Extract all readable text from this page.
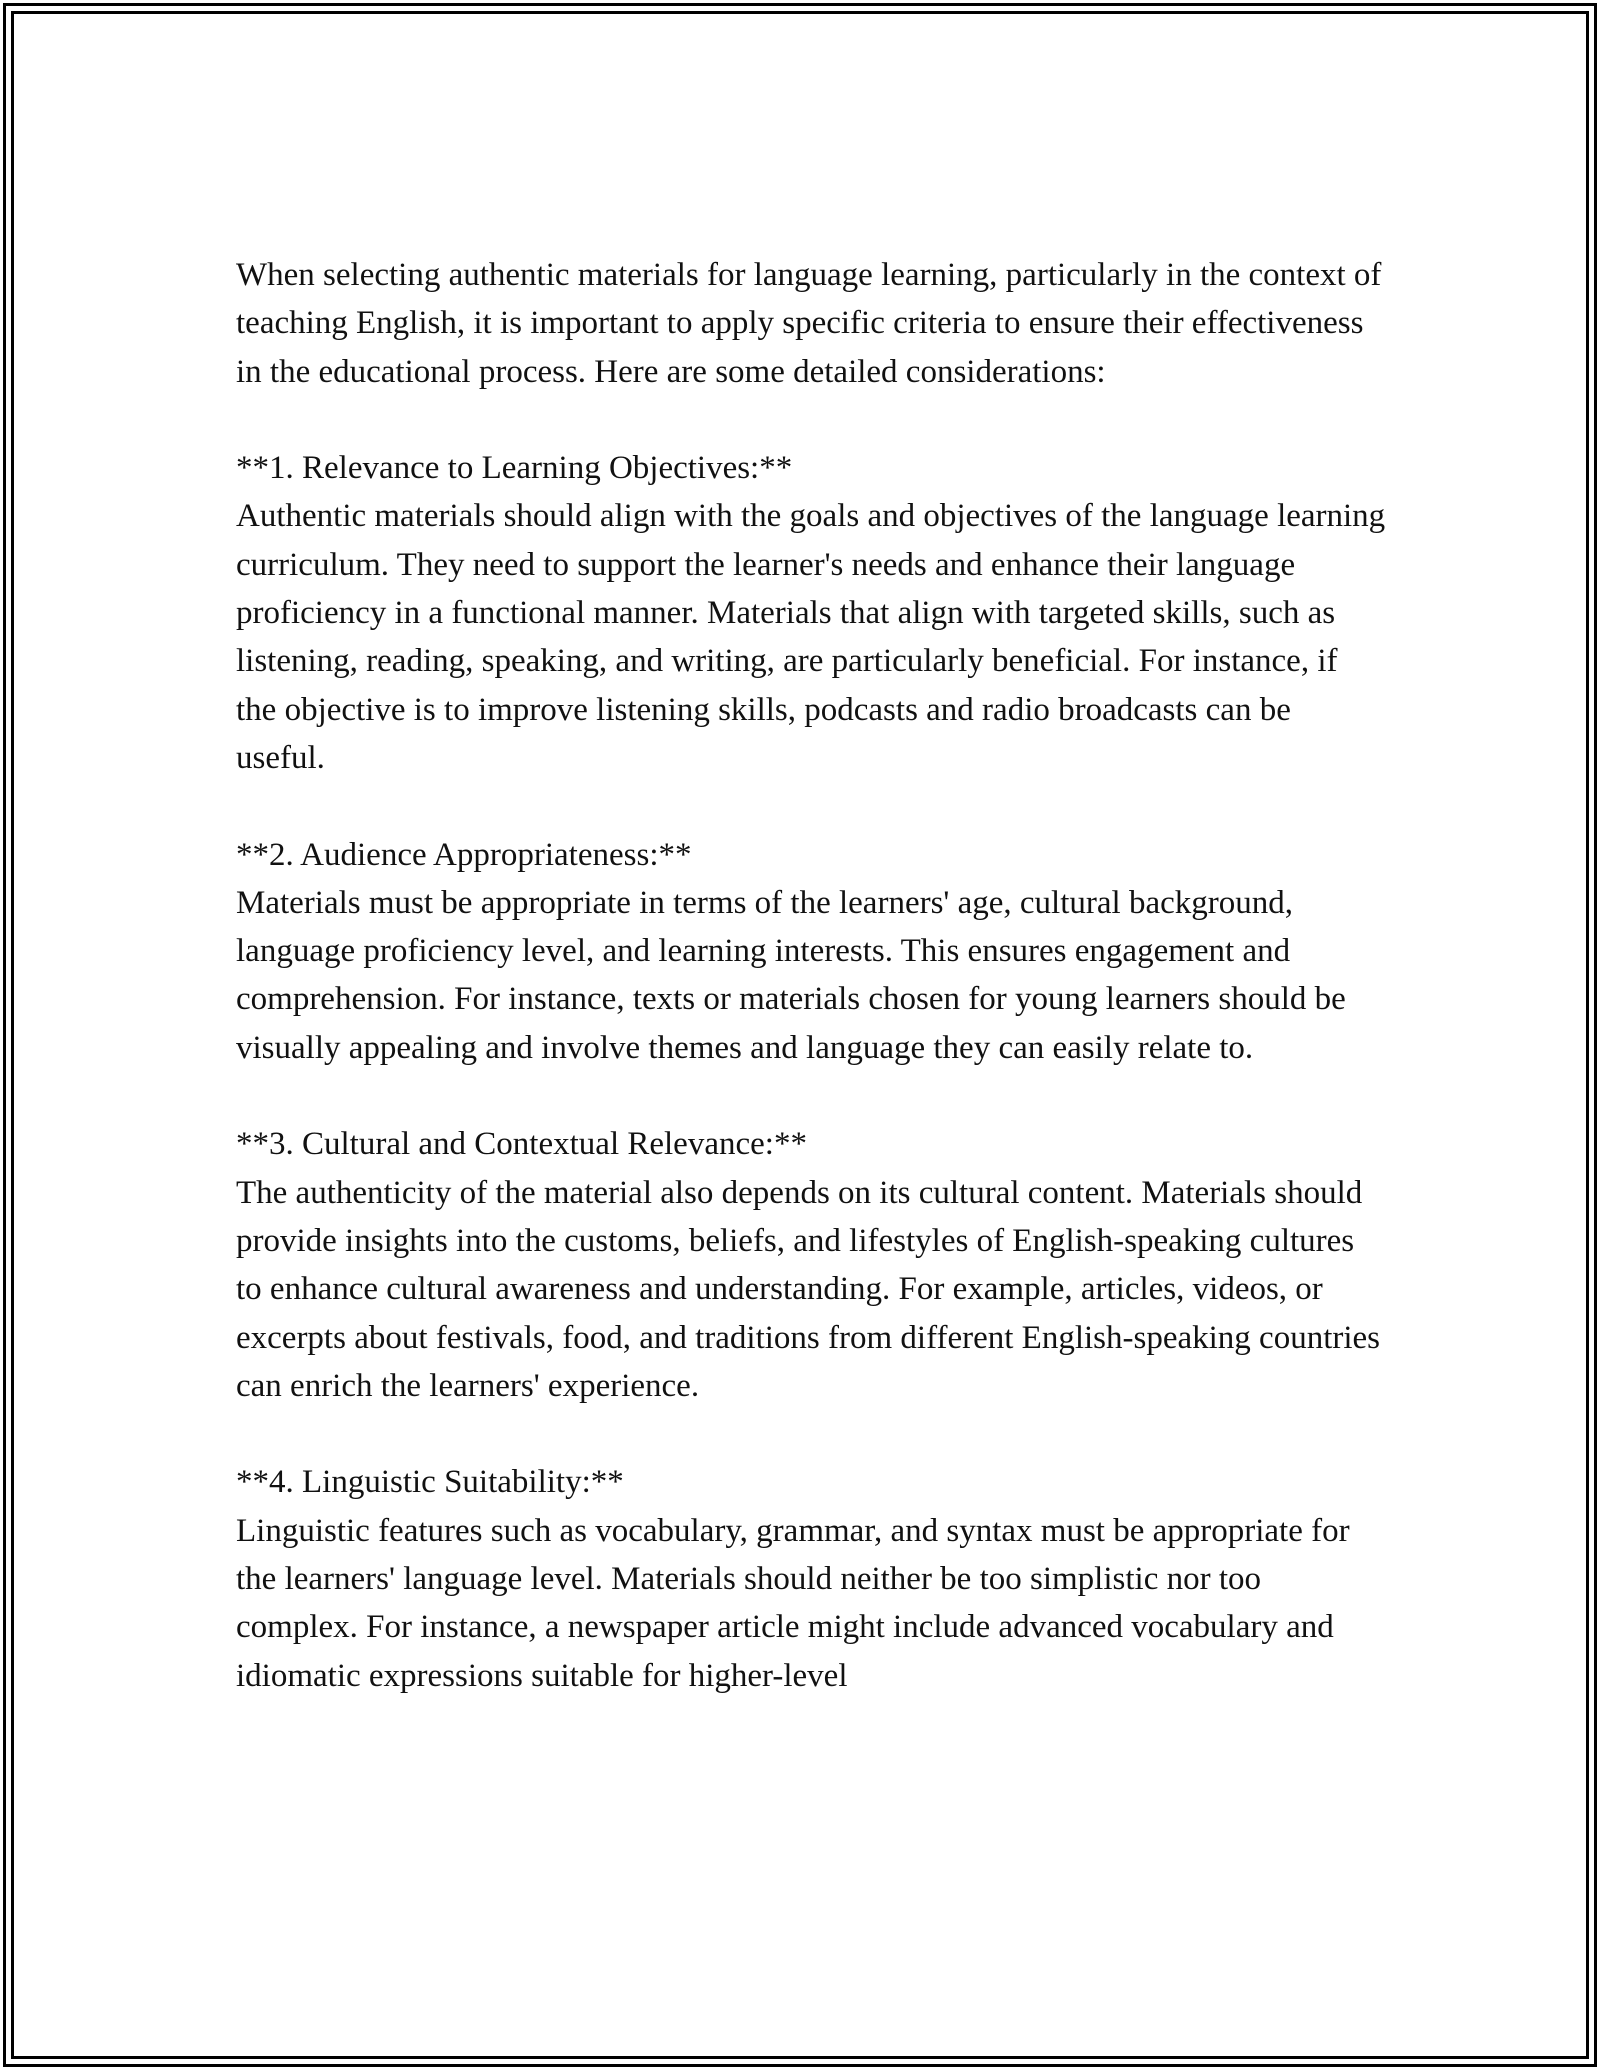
When selecting authentic materials for language learning, particularly in the context of teaching English, it is important to apply specific criteria to ensure their effectiveness in the educational process. Here are some detailed considerations:

**1. Relevance to Learning Objectives:**
Authentic materials should align with the goals and objectives of the language learning curriculum. They need to support the learner's needs and enhance their language proficiency in a functional manner. Materials that align with targeted skills, such as listening, reading, speaking, and writing, are particularly beneficial. For instance, if the objective is to improve listening skills, podcasts and radio broadcasts can be useful.

**2. Audience Appropriateness:**
Materials must be appropriate in terms of the learners' age, cultural background, language proficiency level, and learning interests. This ensures engagement and comprehension. For instance, texts or materials chosen for young learners should be visually appealing and involve themes and language they can easily relate to.

**3. Cultural and Contextual Relevance:**
The authenticity of the material also depends on its cultural content. Materials should provide insights into the customs, beliefs, and lifestyles of English-speaking cultures to enhance cultural awareness and understanding. For example, articles, videos, or excerpts about festivals, food, and traditions from different English-speaking countries can enrich the learners' experience.

**4. Linguistic Suitability:**
Linguistic features such as vocabulary, grammar, and syntax must be appropriate for the learners' language level. Materials should neither be too simplistic nor too complex. For instance, a newspaper article might include advanced vocabulary and idiomatic expressions suitable for higher-level
